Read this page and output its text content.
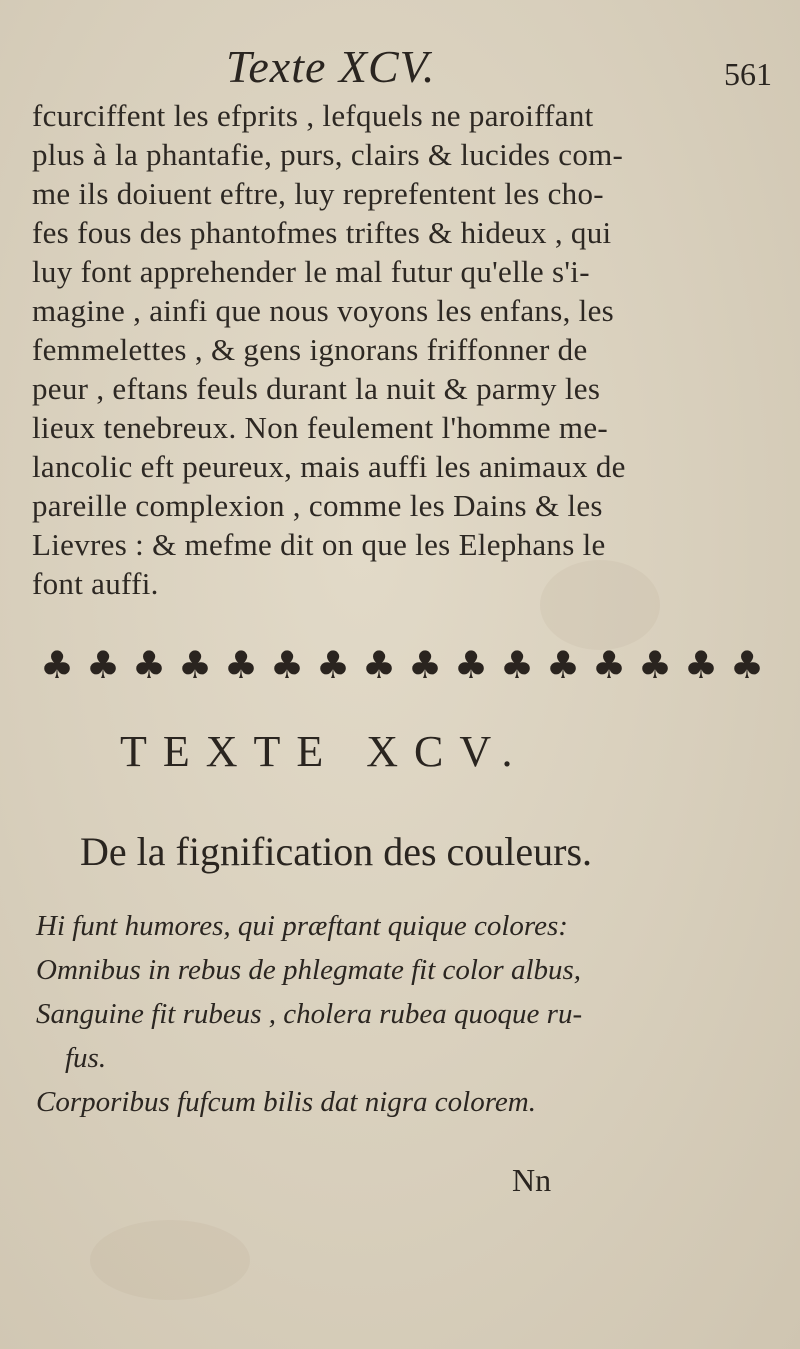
Texte XCV.	561
fcurciffent les efprits , lefquels ne paroiffant
plus à la phantafie, purs, clairs & lucides com-
me ils doiuent eftre, luy reprefentent les cho-
fes fous des phantofmes triftes & hideux , qui
luy font apprehender le mal futur qu'elle s'i-
magine , ainfi que nous voyons les enfans, les
femmelettes , & gens ignorans friffonner de
peur , eftans feuls durant la nuit & parmy les
lieux tenebreux. Non feulement l'homme me-
lancolic eft peureux, mais auffi les animaux de
pareille complexion , comme les Dains & les
Lievres : & mefme dit on que les Elephans le
font auffi.
♣ ♣ ♣ ♣ ♣ ♣ ♣ ♣ ♣ ♣ ♣ ♣ ♣ ♣ ♣ ♣
TEXTE XCV.
De la fignification des couleurs.
Hi funt humores, qui præftant quique colores:
Omnibus in rebus de phlegmate fit color albus,
Sanguine fit rubeus , cholera rubea quoque ru-
fus.
Corporibus fufcum bilis dat nigra colorem.
Nn
